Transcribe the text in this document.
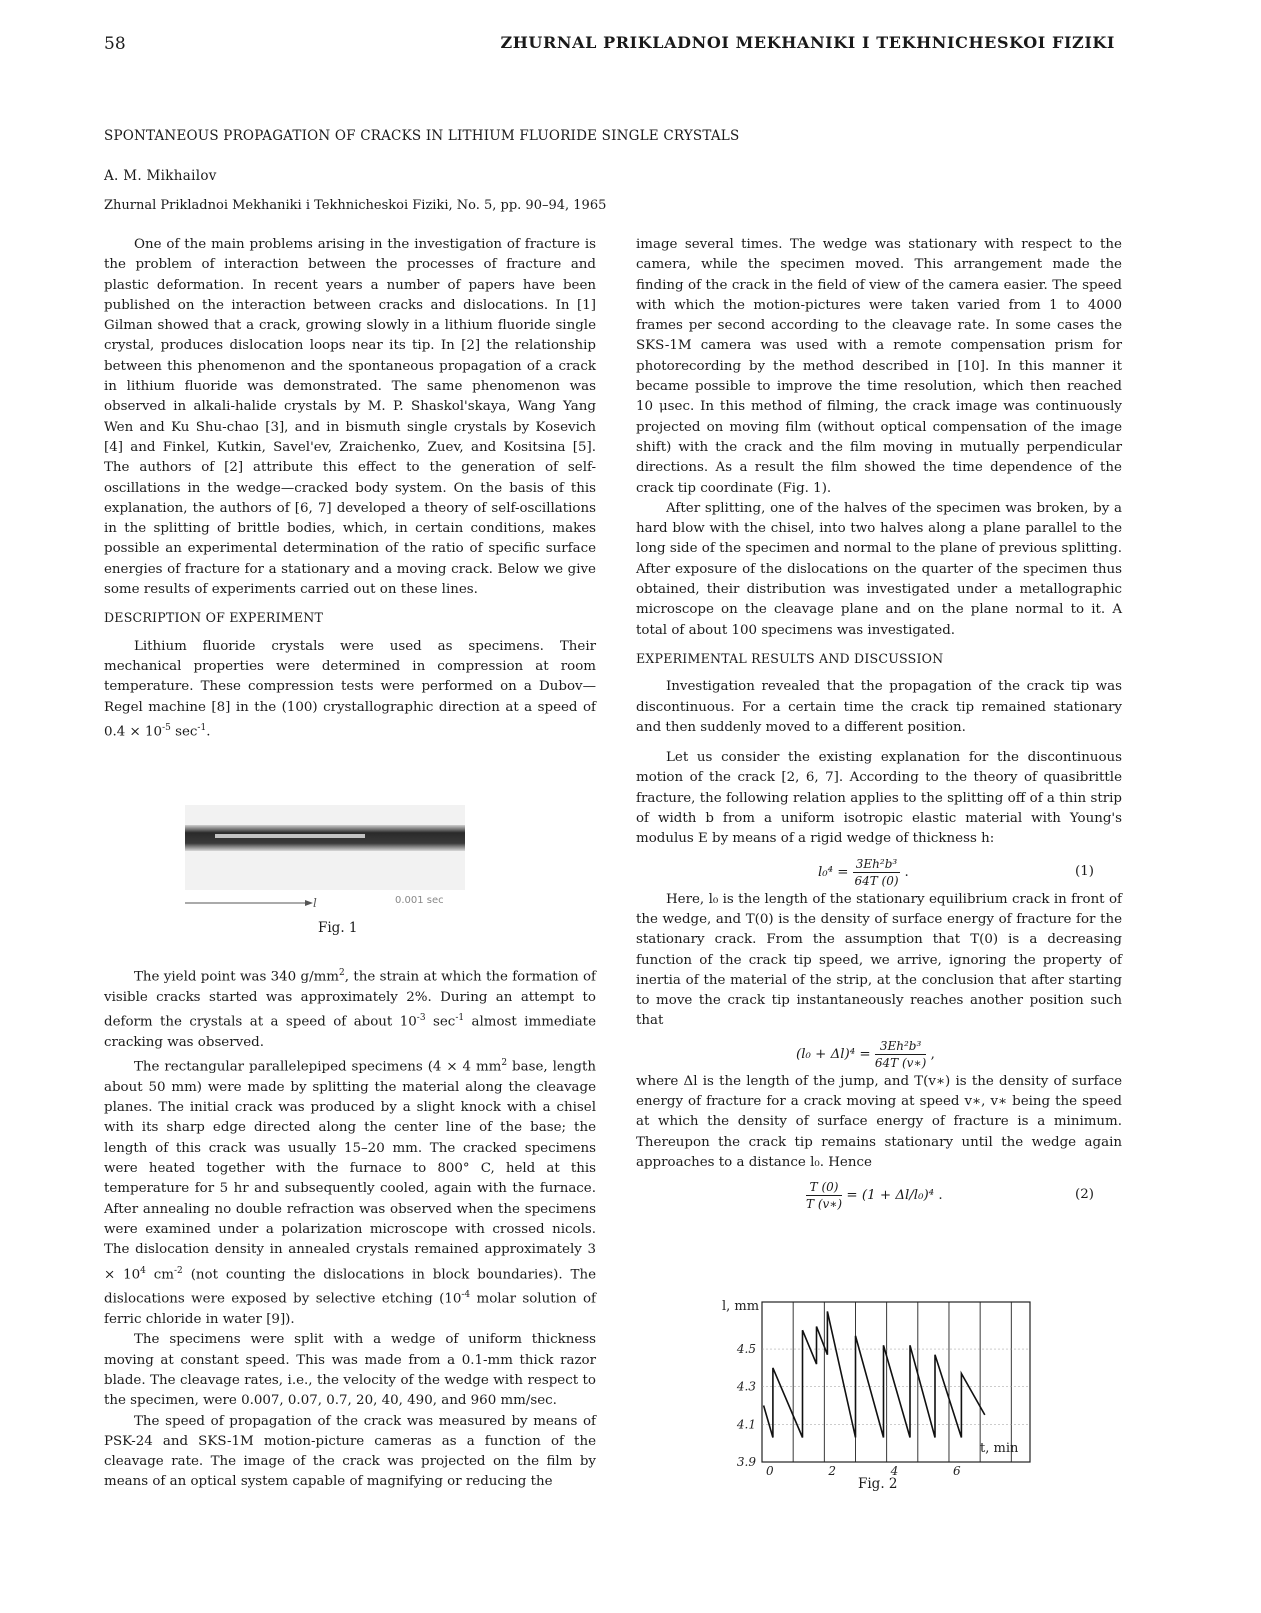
58	ZHURNAL PRIKLADNOI MEKHANIKI I TEKHNICHESKOI FIZIKI
SPONTANEOUS PROPAGATION OF CRACKS IN LITHIUM FLUORIDE SINGLE CRYSTALS
A. M. Mikhailov
Zhurnal Prikladnoi Mekhaniki i Tekhnicheskoi Fiziki, No. 5, pp. 90–94, 1965

One of the main problems arising in the investigation of fracture is the problem of interaction between the processes of fracture and plastic deformation. In recent years a number of papers have been published on the interaction between cracks and dislocations. In [1] Gilman showed that a crack, growing slowly in a lithium fluoride single crystal, produces dislocation loops near its tip. In [2] the relationship between this phenomenon and the spontaneous propagation of a crack in lithium fluoride was demonstrated. The same phenomenon was observed in alkali-halide crystals by M. P. Shaskol'skaya, Wang Yang Wen and Ku Shu-chao [3], and in bismuth single crystals by Kosevich [4] and Finkel, Kutkin, Savel'ev, Zraichenko, Zuev, and Kositsina [5]. The authors of [2] attribute this effect to the generation of self-oscillations in the wedge—cracked body system. On the basis of this explanation, the authors of [6, 7] developed a theory of self-oscillations in the splitting of brittle bodies, which, in certain conditions, makes possible an experimental determination of the ratio of specific surface energies of fracture for a stationary and a moving crack. Below we give some results of experiments carried out on these lines.

DESCRIPTION OF EXPERIMENT

Lithium fluoride crystals were used as specimens. Their mechanical properties were determined in compression at room temperature. These compression tests were performed on a Dubov—Regel machine [8] in the (100) crystallographic direction at a speed of $0.4 \times 10^{-5}$ $\sec^{-1}$.

l	0.001 sec
Fig. 1

The yield point was 340 $g/mm^2$, the strain at which the formation of visible cracks started was approximately 2%. During an attempt to deform the crystals at a speed of about $10^{-3}$ $\sec^{-1}$ almost immediate cracking was observed.

The rectangular parallelepiped specimens (4 × 4 $mm^2$ base, length about 50 mm) were made by splitting the material along the cleavage planes. The initial crack was produced by a slight knock with a chisel with its sharp edge directed along the center line of the base; the length of this crack was usually 15–20 mm. The cracked specimens were heated together with the furnace to 800° C, held at this temperature for 5 hr and subsequently cooled, again with the furnace. After annealing no double refraction was observed when the specimens were examined under a polarization microscope with crossed nicols. The dislocation density in annealed crystals remained approximately $3 \times 10^4$ $cm^{-2}$ (not counting the dislocations in block boundaries). The dislocations were exposed by selective etching ($10^{-4}$ molar solution of ferric chloride in water [9]).

The specimens were split with a wedge of uniform thickness moving at constant speed. This was made from a 0.1-mm thick razor blade. The cleavage rates, i.e., the velocity of the wedge with respect to the specimen, were 0.007, 0.07, 0.7, 20, 40, 490, and 960 mm/sec.

The speed of propagation of the crack was measured by means of PSK-24 and SKS-1M motion-picture cameras as a function of the cleavage rate. The image of the crack was projected on the film by means of an optical system capable of magnifying or reducing the

image several times. The wedge was stationary with respect to the camera, while the specimen moved. This arrangement made the finding of the crack in the field of view of the camera easier. The speed with which the motion-pictures were taken varied from 1 to 4000 frames per second according to the cleavage rate. In some cases the SKS-1M camera was used with a remote compensation prism for photorecording by the method described in [10]. In this manner it became possible to improve the time resolution, which then reached 10 μsec. In this method of filming, the crack image was continuously projected on moving film (without optical compensation of the image shift) with the crack and the film moving in mutually perpendicular directions. As a result the film showed the time dependence of the crack tip coordinate (Fig. 1).

After splitting, one of the halves of the specimen was broken, by a hard blow with the chisel, into two halves along a plane parallel to the long side of the specimen and normal to the plane of previous splitting. After exposure of the dislocations on the quarter of the specimen thus obtained, their distribution was investigated under a metallographic microscope on the cleavage plane and on the plane normal to it. A total of about 100 specimens was investigated.

EXPERIMENTAL RESULTS AND DISCUSSION

Investigation revealed that the propagation of the crack tip was discontinuous. For a certain time the crack tip remained stationary and then suddenly moved to a different position.

Let us consider the existing explanation for the discontinuous motion of the crack [2, 6, 7]. According to the theory of quasibrittle fracture, the following relation applies to the splitting off of a thin strip of width b from a uniform isotropic elastic material with Young's modulus E by means of a rigid wedge of thickness h:

$l_0^4 = \frac{\text{3Eh²b³}}{64T (0)}$ .	(1)

Here, l₀ is the length of the stationary equilibrium crack in front of the wedge, and T(0) is the density of surface energy of fracture for the stationary crack. From the assumption that T(0) is a decreasing function of the crack tip speed, we arrive, ignoring the property of inertia of the material of the strip, at the conclusion that after starting to move the crack tip instantaneously reaches another position such that

$(l_0 + \Delta l)^4 = \frac{\text{3Eh²b³}}{64T (v∗)}$ ,

where Δl is the length of the jump, and T(v∗) is the density of surface energy of fracture for a crack moving at speed v∗, v∗ being the speed at which the density of surface energy of fracture is a minimum. Thereupon the crack tip remains stationary until the wedge again approaches to a distance l₀. Hence

$\frac{T (0)}{T (v∗)} = (1 + \Delta l/l_0)^4$ .	(2)
3.9
4.1
4.3
4.5
0	2	4	6
l, mm
t, min
Fig. 2
